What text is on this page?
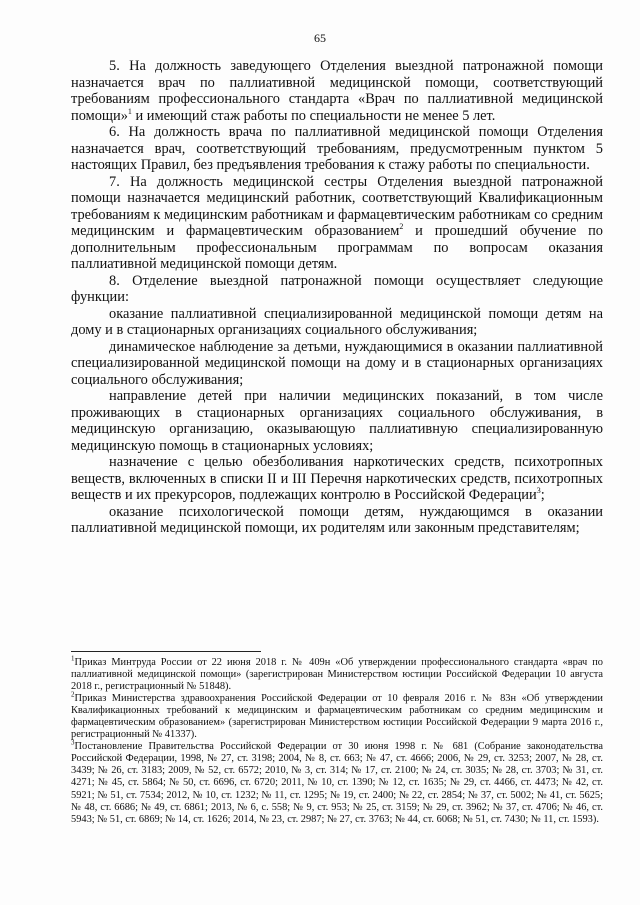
65

5. На должность заведующего Отделения выездной патронажной помощи назначается врач по паллиативной медицинской помощи, соответствующий требованиям профессионального стандарта «Врач по паллиативной медицинской помощи»$^1$ и имеющий стаж работы по специальности не менее 5 лет.

6. На должность врача по паллиативной медицинской помощи Отделения назначается врач, соответствующий требованиям, предусмотренным пунктом 5 настоящих Правил, без предъявления требования к стажу работы по специальности.

7. На должность медицинской сестры Отделения выездной патронажной помощи назначается медицинский работник, соответствующий Квалификационным требованиям к медицинским работникам и фармацевтическим работникам со средним медицинским и фармацевтическим образованием$^2$ и прошедший обучение по дополнительным профессиональным программам по вопросам оказания паллиативной медицинской помощи детям.

8. Отделение выездной патронажной помощи осуществляет следующие функции:

оказание паллиативной специализированной медицинской помощи детям на дому и в стационарных организациях социального обслуживания;

динамическое наблюдение за детьми, нуждающимися в оказании паллиативной специализированной медицинской помощи на дому и в стационарных организациях социального обслуживания;

направление детей при наличии медицинских показаний, в том числе проживающих в стационарных организациях социального обслуживания, в медицинскую организацию, оказывающую паллиативную специализированную медицинскую помощь в стационарных условиях;

назначение с целью обезболивания наркотических средств, психотропных веществ, включенных в списки II и III Перечня наркотических средств, психотропных веществ и их прекурсоров, подлежащих контролю в Российской Федерации$^3$;

оказание психологической помощи детям, нуждающимся в оказании паллиативной медицинской помощи, их родителям или законным представителям;

$^1$Приказ Минтруда России от 22 июня 2018 г. № 409н «Об утверждении профессионального стандарта «врач по паллиативной медицинской помощи» (зарегистрирован Министерством юстиции Российской Федерации 10 августа 2018 г., регистрационный № 51848).

$^2$Приказ Министерства здравоохранения Российской Федерации от 10 февраля 2016 г. № 83н «Об утверждении Квалификационных требований к медицинским и фармацевтическим работникам со средним медицинским и фармацевтическим образованием» (зарегистрирован Министерством юстиции Российской Федерации 9 марта 2016 г., регистрационный № 41337).

$^3$Постановление Правительства Российской Федерации от 30 июня 1998 г. № 681 (Собрание законодательства Российской Федерации, 1998, № 27, ст. 3198; 2004, № 8, ст. 663; № 47, ст. 4666; 2006, № 29, ст. 3253; 2007, № 28, ст. 3439; № 26, ст. 3183; 2009, № 52, ст. 6572; 2010, № 3, ст. 314; № 17, ст. 2100; № 24, ст. 3035; № 28, ст. 3703; № 31, ст. 4271; № 45, ст. 5864; № 50, ст. 6696, ст. 6720; 2011, № 10, ст. 1390; № 12, ст. 1635; № 29, ст. 4466, ст. 4473; № 42, ст. 5921; № 51, ст. 7534; 2012, № 10, ст. 1232; № 11, ст. 1295; № 19, ст. 2400; № 22, ст. 2854; № 37, ст. 5002; № 41, ст. 5625; № 48, ст. 6686; № 49, ст. 6861; 2013, № 6, с. 558; № 9, ст. 953; № 25, ст. 3159; № 29, ст. 3962; № 37, ст. 4706; № 46, ст. 5943; № 51, ст. 6869; № 14, ст. 1626; 2014, № 23, ст. 2987; № 27, ст. 3763; № 44, ст. 6068; № 51, ст. 7430; № 11, ст. 1593).
